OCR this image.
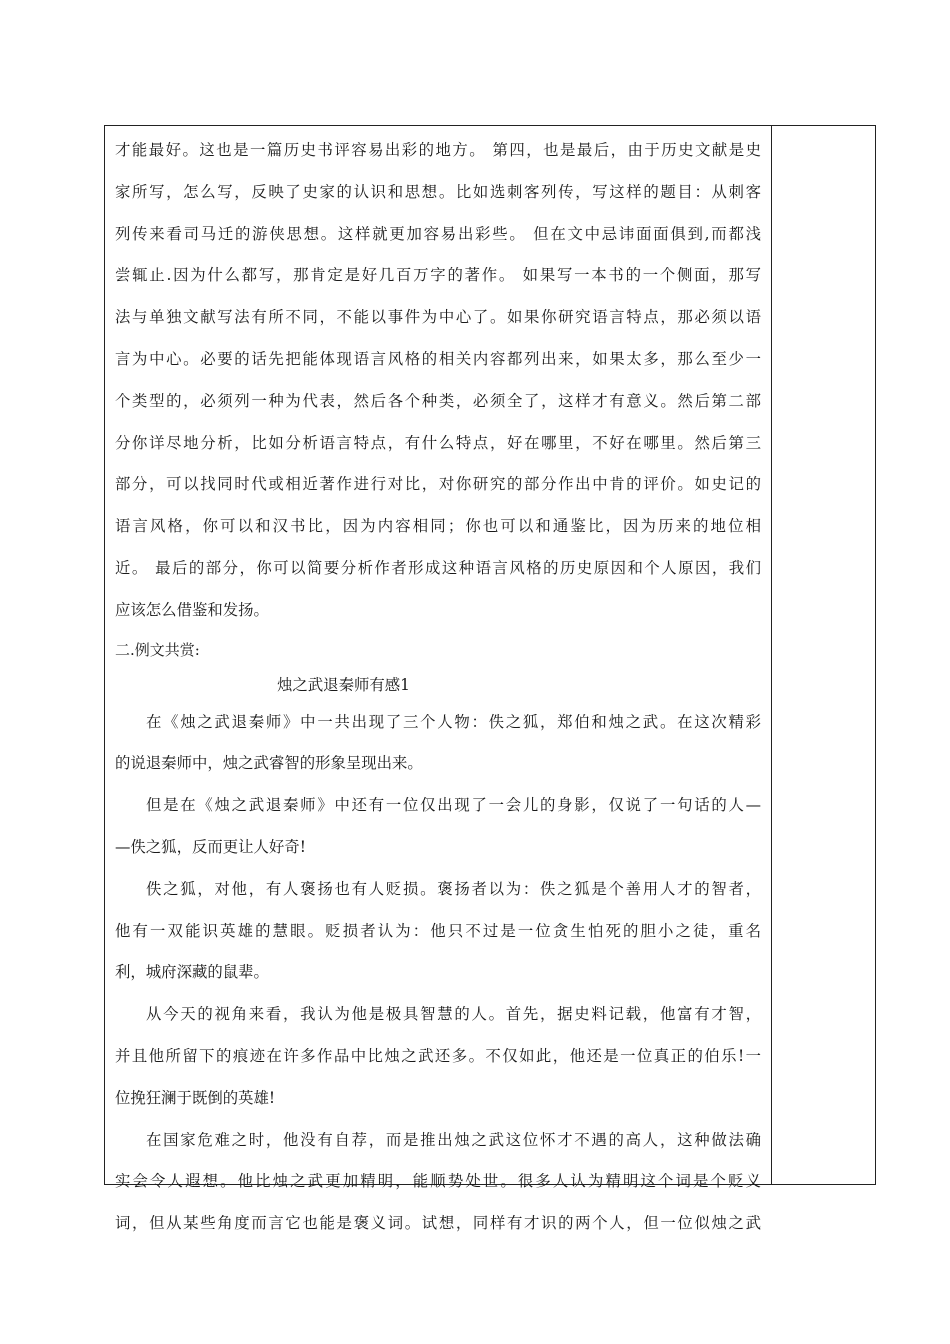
才能最好。这也是一篇历史书评容易出彩的地方。 第四，也是最后，由于历史文献是史
家所写，怎么写，反映了史家的认识和思想。比如选刺客列传，写这样的题目：从刺客
列传来看司马迁的游侠思想。这样就更加容易出彩些。 但在文中忌讳面面俱到,而都浅
尝辄止.因为什么都写，那肯定是好几百万字的著作。 如果写一本书的一个侧面，那写
法与单独文献写法有所不同，不能以事件为中心了。如果你研究语言特点，那必须以语
言为中心。必要的话先把能体现语言风格的相关内容都列出来，如果太多，那么至少一
个类型的，必须列一种为代表，然后各个种类，必须全了，这样才有意义。然后第二部
分你详尽地分析，比如分析语言特点，有什么特点，好在哪里，不好在哪里。然后第三
部分，可以找同时代或相近著作进行对比，对你研究的部分作出中肯的评价。如史记的
语言风格，你可以和汉书比，因为内容相同；你也可以和通鉴比，因为历来的地位相
近。 最后的部分，你可以简要分析作者形成这种语言风格的历史原因和个人原因，我们
应该怎么借鉴和发扬。
二.例文共赏:
烛之武退秦师有感1
在《烛之武退秦师》中一共出现了三个人物：佚之狐，郑伯和烛之武。在这次精彩
的说退秦师中，烛之武睿智的形象呈现出来。
但是在《烛之武退秦师》中还有一位仅出现了一会儿的身影，仅说了一句话的人—
—佚之狐，反而更让人好奇!
佚之狐，对他，有人褒扬也有人贬损。褒扬者以为：佚之狐是个善用人才的智者，
他有一双能识英雄的慧眼。贬损者认为：他只不过是一位贪生怕死的胆小之徒，重名
利，城府深藏的鼠辈。
从今天的视角来看，我认为他是极具智慧的人。首先，据史料记载，他富有才智，
并且他所留下的痕迹在许多作品中比烛之武还多。不仅如此，他还是一位真正的伯乐!一
位挽狂澜于既倒的英雄!
在国家危难之时，他没有自荐，而是推出烛之武这位怀才不遇的高人，这种做法确
实会令人遐想。他比烛之武更加精明，能顺势处世。很多人认为精明这个词是个贬义
词，但从某些角度而言它也能是褒义词。试想，同样有才识的两个人，但一位似烛之武
